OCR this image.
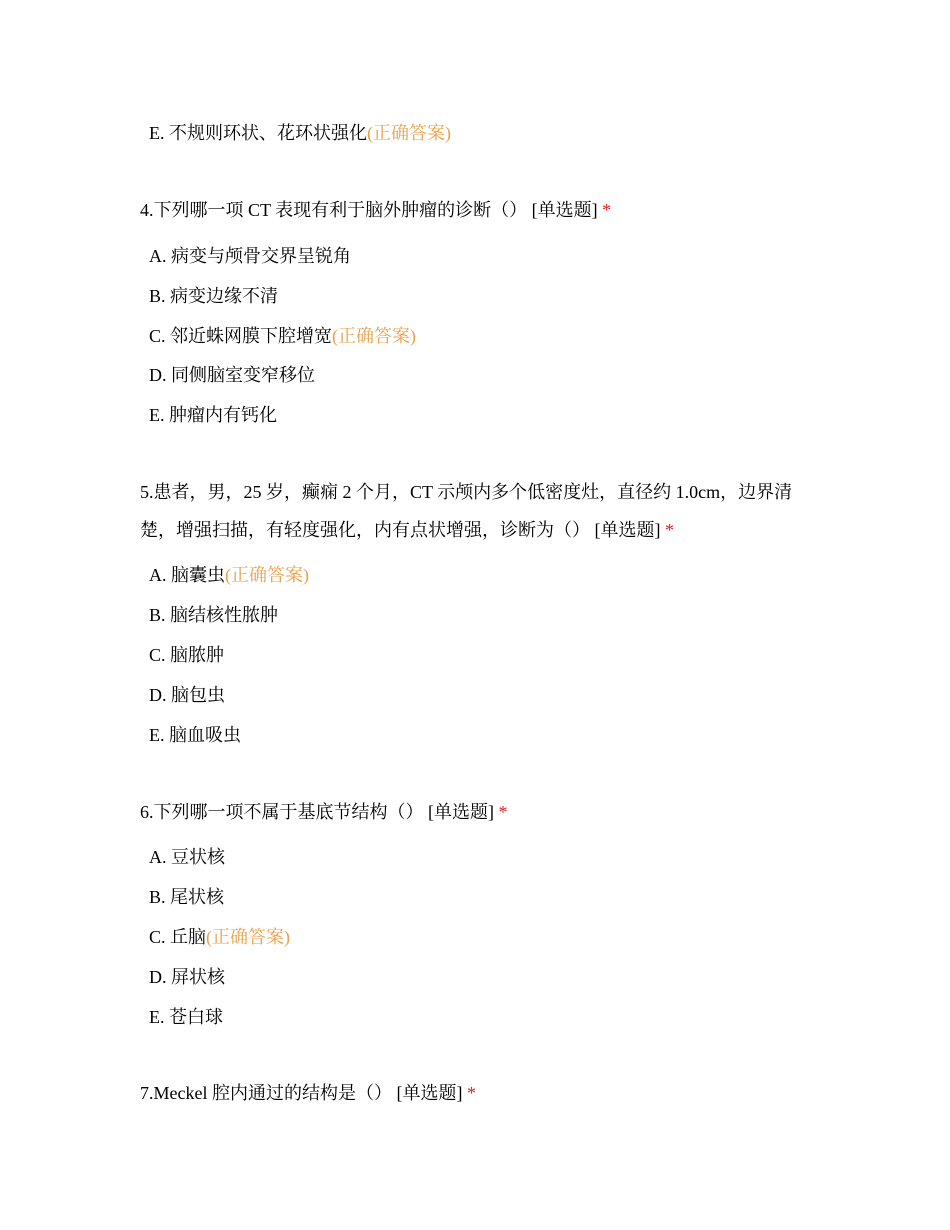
E. 不规则环状、花环状强化(正确答案)
4.下列哪一项 CT 表现有利于脑外肿瘤的诊断（） [单选题] *
A. 病变与颅骨交界呈锐角
B. 病变边缘不清
C. 邻近蛛网膜下腔增宽(正确答案)
D. 同侧脑室变窄移位
E. 肿瘤内有钙化
5.患者，男，25 岁，癫痫 2 个月，CT 示颅内多个低密度灶，直径约 1.0cm，边界清楚，增强扫描，有轻度强化，内有点状增强，诊断为（） [单选题] *
A. 脑囊虫(正确答案)
B. 脑结核性脓肿
C. 脑脓肿
D. 脑包虫
E. 脑血吸虫
6.下列哪一项不属于基底节结构（） [单选题] *
A. 豆状核
B. 尾状核
C. 丘脑(正确答案)
D. 屏状核
E. 苍白球
7.Meckel 腔内通过的结构是（） [单选题] *
